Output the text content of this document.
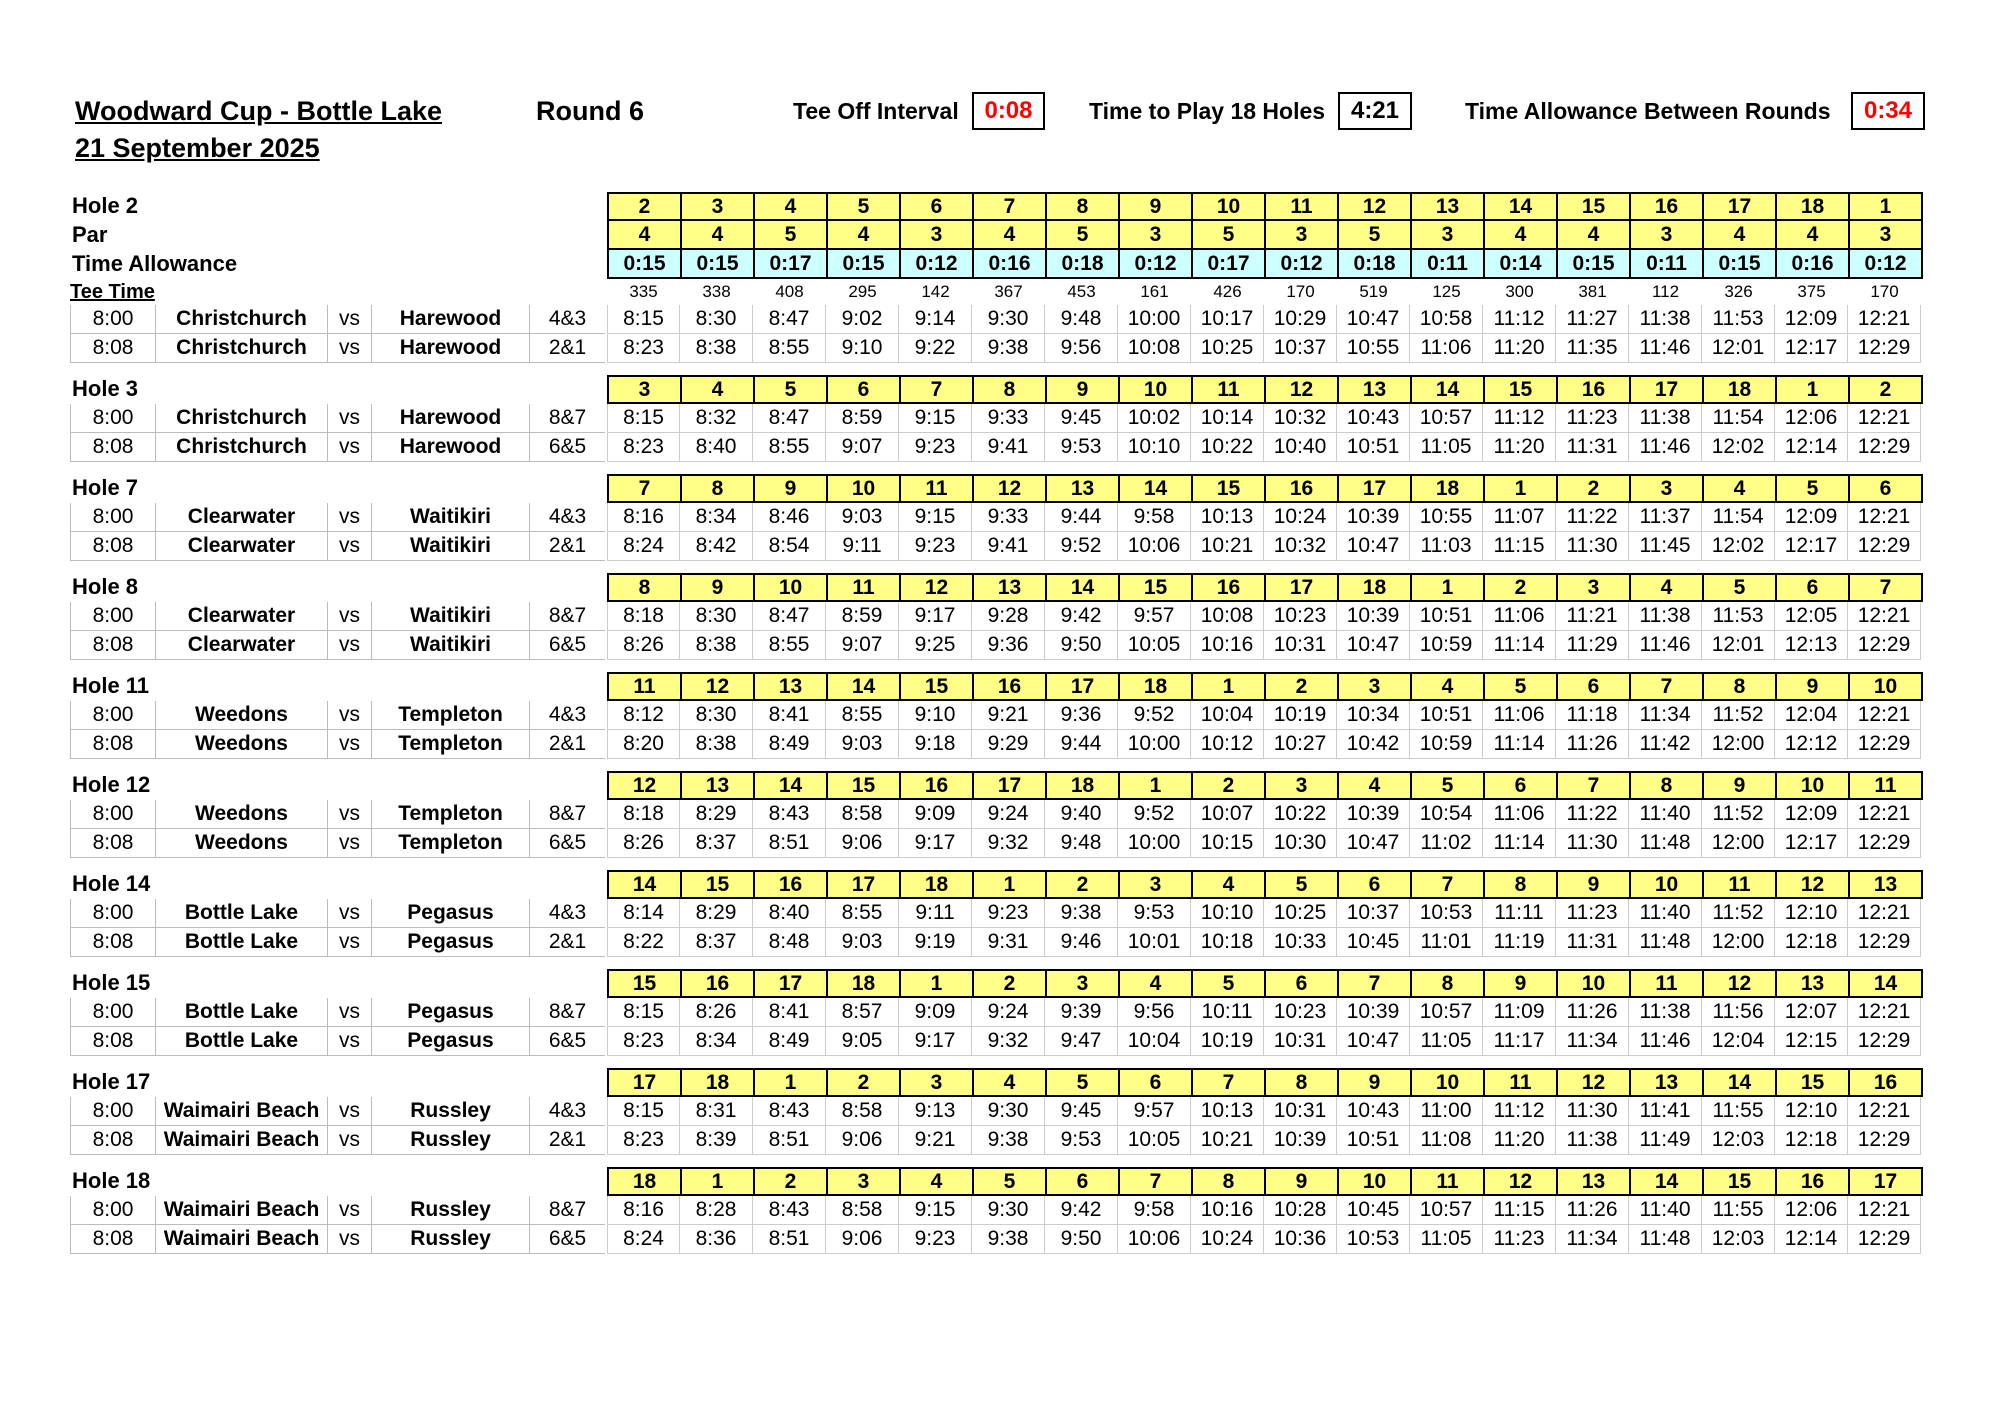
Woodward Cup - Bottle Lake
21 September 2025
Round 6	Tee Off Interval	0:08	Time to Play 18 Holes	4:21	Time Allowance Between Rounds	0:34
Hole 2	2	3	4	5	6	7	8	9	10	11	12	13	14	15	16	17	18	1
Par	4	4	5	4	3	4	5	3	5	3	5	3	4	4	3	4	4	3
Time Allowance	0:15	0:15	0:17	0:15	0:12	0:16	0:18	0:12	0:17	0:12	0:18	0:11	0:14	0:15	0:11	0:15	0:16	0:12
Tee Time	335	338	408	295	142	367	453	161	426	170	519	125	300	381	112	326	375	170
8:00	Christchurch	vs	Harewood	4&3	8:15	8:30	8:47	9:02	9:14	9:30	9:48	10:00 10:17 10:29 10:47 10:58	11:12	11:27	11:38	11:53	12:09 12:21
8:08	Christchurch	vs	Harewood	2&1	8:23	8:38	8:55	9:10	9:22	9:38	9:56	10:08 10:25 10:37 10:55	11:06	11:20	11:35	11:46	12:01 12:17 12:29
Hole 3	3	4	5	6	7	8	9	10	11	12	13	14	15	16	17	18	1	2
8:00	Christchurch	vs	Harewood	8&7	8:15	8:32	8:47	8:59	9:15	9:33	9:45	10:02 10:14 10:32 10:43 10:57	11:12	11:23	11:38	11:54	12:06 12:21
8:08	Christchurch	vs	Harewood	6&5	8:23	8:40	8:55	9:07	9:23	9:41	9:53	10:10 10:22 10:40 10:51	11:05	11:20	11:31	11:46	12:02 12:14 12:29
Hole 7	7	8	9	10	11	12	13	14	15	16	17	18	1	2	3	4	5	6
8:00	Clearwater	vs	Waitikiri	4&3	8:16	8:34	8:46	9:03	9:15	9:33	9:44	9:58	10:13 10:24 10:39 10:55	11:07	11:22	11:37	11:54	12:09 12:21
8:08	Clearwater	vs	Waitikiri	2&1	8:24	8:42	8:54	9:11	9:23	9:41	9:52	10:06 10:21 10:32 10:47	11:03	11:15	11:30	11:45	12:02 12:17 12:29
Hole 8	8	9	10	11	12	13	14	15	16	17	18	1	2	3	4	5	6	7
8:00	Clearwater	vs	Waitikiri	8&7	8:18	8:30	8:47	8:59	9:17	9:28	9:42	9:57	10:08 10:23 10:39 10:51	11:06	11:21	11:38	11:53	12:05 12:21
8:08	Clearwater	vs	Waitikiri	6&5	8:26	8:38	8:55	9:07	9:25	9:36	9:50	10:05 10:16 10:31 10:47 10:59	11:14	11:29	11:46	12:01 12:13 12:29
Hole 11	11	12	13	14	15	16	17	18	1	2	3	4	5	6	7	8	9	10
8:00	Weedons	vs	Templeton	4&3	8:12	8:30	8:41	8:55	9:10	9:21	9:36	9:52	10:04 10:19 10:34 10:51	11:06	11:18	11:34	11:52	12:04 12:21
8:08	Weedons	vs	Templeton	2&1	8:20	8:38	8:49	9:03	9:18	9:29	9:44	10:00 10:12 10:27 10:42 10:59	11:14	11:26	11:42	12:00 12:12 12:29
Hole 12	12	13	14	15	16	17	18	1	2	3	4	5	6	7	8	9	10	11
8:00	Weedons	vs	Templeton	8&7	8:18	8:29	8:43	8:58	9:09	9:24	9:40	9:52	10:07 10:22 10:39 10:54	11:06	11:22	11:40	11:52	12:09 12:21
8:08	Weedons	vs	Templeton	6&5	8:26	8:37	8:51	9:06	9:17	9:32	9:48	10:00 10:15 10:30 10:47	11:02	11:14	11:30	11:48	12:00 12:17 12:29
Hole 14	14	15	16	17	18	1	2	3	4	5	6	7	8	9	10	11	12	13
8:00	Bottle Lake	vs	Pegasus	4&3	8:14	8:29	8:40	8:55	9:11	9:23	9:38	9:53	10:10 10:25 10:37 10:53	11:11	11:23	11:40	11:52	12:10 12:21
8:08	Bottle Lake	vs	Pegasus	2&1	8:22	8:37	8:48	9:03	9:19	9:31	9:46	10:01 10:18 10:33 10:45	11:01	11:19	11:31	11:48	12:00 12:18 12:29
Hole 15	15	16	17	18	1	2	3	4	5	6	7	8	9	10	11	12	13	14
8:00	Bottle Lake	vs	Pegasus	8&7	8:15	8:26	8:41	8:57	9:09	9:24	9:39	9:56	10:11	10:23 10:39 10:57	11:09	11:26	11:38	11:56	12:07 12:21
8:08	Bottle Lake	vs	Pegasus	6&5	8:23	8:34	8:49	9:05	9:17	9:32	9:47	10:04 10:19 10:31 10:47	11:05	11:17	11:34	11:46	12:04 12:15 12:29
Hole 17	17	18	1	2	3	4	5	6	7	8	9	10	11	12	13	14	15	16
8:00	Waimairi Beach vs	Russley	4&3	8:15	8:31	8:43	8:58	9:13	9:30	9:45	9:57	10:13 10:31 10:43	11:00	11:12	11:30	11:41	11:55	12:10 12:21
8:08	Waimairi Beach vs	Russley	2&1	8:23	8:39	8:51	9:06	9:21	9:38	9:53	10:05 10:21 10:39 10:51	11:08	11:20	11:38	11:49	12:03 12:18 12:29
Hole 18	18	1	2	3	4	5	6	7	8	9	10	11	12	13	14	15	16	17
8:00	Waimairi Beach vs	Russley	8&7	8:16	8:28	8:43	8:58	9:15	9:30	9:42	9:58	10:16 10:28 10:45 10:57	11:15	11:26	11:40	11:55	12:06 12:21
8:08	Waimairi Beach vs	Russley	6&5	8:24	8:36	8:51	9:06	9:23	9:38	9:50	10:06 10:24 10:36 10:53	11:05	11:23	11:34	11:48	12:03 12:14 12:29
